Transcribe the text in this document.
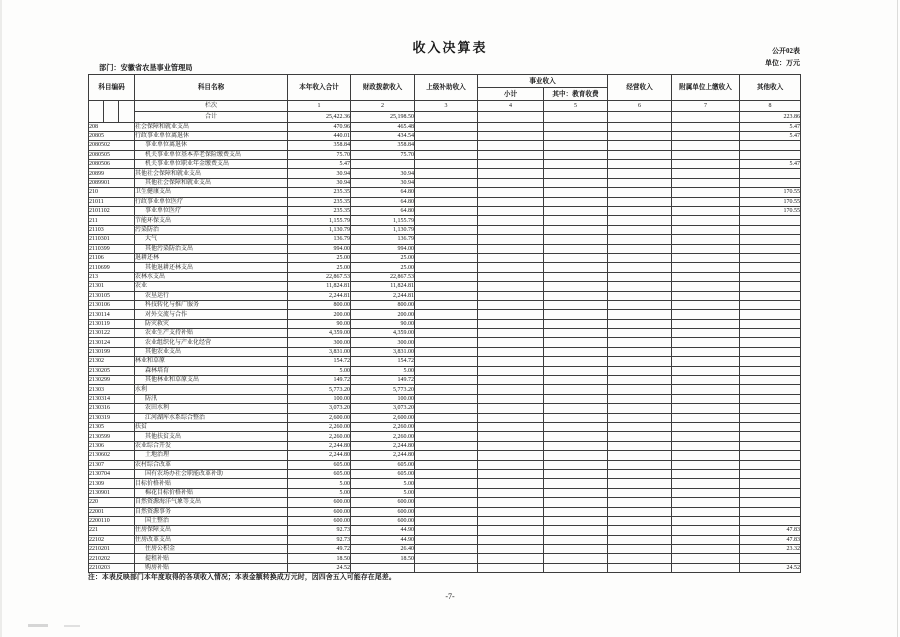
收入决算表	公开02表
单位：万元
部门：安徽省农垦事业管理局
科目编码			科目名称	本年收入合计	财政拨款收入	上级补助收入	事业收入		经营收入	附属单位上缴收入	其他收入
							小计	其中：教育收费			
			栏次	1	2	3	4	5	6	7	8
			合计	25,422.36	25,198.50						223.86
208			社会保障和就业支出	470.96	465.48						5.47
20805			行政事业单位离退休	440.01	434.54						5.47
2080502			事业单位离退休	358.84	358.84						
2080505			机关事业单位基本养老保险缴费支出	75.70	75.70						
2080506			机关事业单位职业年金缴费支出	5.47							5.47
20899			其他社会保障和就业支出	30.94	30.94						
2089901			其他社会保障和就业支出	30.94	30.94						
210			卫生健康支出	235.35	64.80						170.55
21011			行政事业单位医疗	235.35	64.80						170.55
2101102			事业单位医疗	235.35	64.80						170.55
211			节能环保支出	1,155.79	1,155.79						
21103			污染防治	1,130.79	1,130.79						
2110301			大气	136.79	136.79						
2110399			其他污染防治支出	994.00	994.00						
21106			退耕还林	25.00	25.00						
2110699			其他退耕还林支出	25.00	25.00						
213			农林水支出	22,867.53	22,867.53						
21301			农业	11,824.81	11,824.81						
2130105			农垦运行	2,244.81	2,244.81						
2130106			科技转化与推广服务	800.00	800.00						
2130114			对外交流与合作	200.00	200.00						
2130119			防灾救灾	90.00	90.00						
2130122			农业生产支持补贴	4,359.00	4,359.00						
2130124			农业组织化与产业化经营	300.00	300.00						
2130199			其他农业支出	3,831.00	3,831.00						
21302			林业和草原	154.72	154.72						
2130205			森林培育	5.00	5.00						
2130299			其他林业和草原支出	149.72	149.72						
21303			水利	5,773.20	5,773.20						
2130314			防汛	100.00	100.00						
2130316			农田水利	3,073.20	3,073.20						
2130319			江河湖库水系综合整治	2,600.00	2,600.00						
21305			扶贫	2,260.00	2,260.00						
2130599			其他扶贫支出	2,260.00	2,260.00						
21306			农业综合开发	2,244.80	2,244.80						
2130602			土地治理	2,244.80	2,244.80						
21307			农村综合改革	605.00	605.00						
2130704			国有农场办社会职能改革补助	605.00	605.00						
21309			目标价格补贴	5.00	5.00						
2130901			棉花目标价格补贴	5.00	5.00						
220			自然资源海洋气象等支出	600.00	600.00						
22001			自然资源事务	600.00	600.00						
2200110			国土整治	600.00	600.00						
221			住房保障支出	92.73	44.90						47.83
22102			住房改革支出	92.73	44.90						47.83
2210201			住房公积金	49.72	26.40						23.32
2210202			提租补贴	18.50	18.50						
2210203			购房补贴	24.52							24.52
注：本表反映部门本年度取得的各项收入情况；本表金额转换成万元时，因四舍五入可能存在尾差。
-7-
